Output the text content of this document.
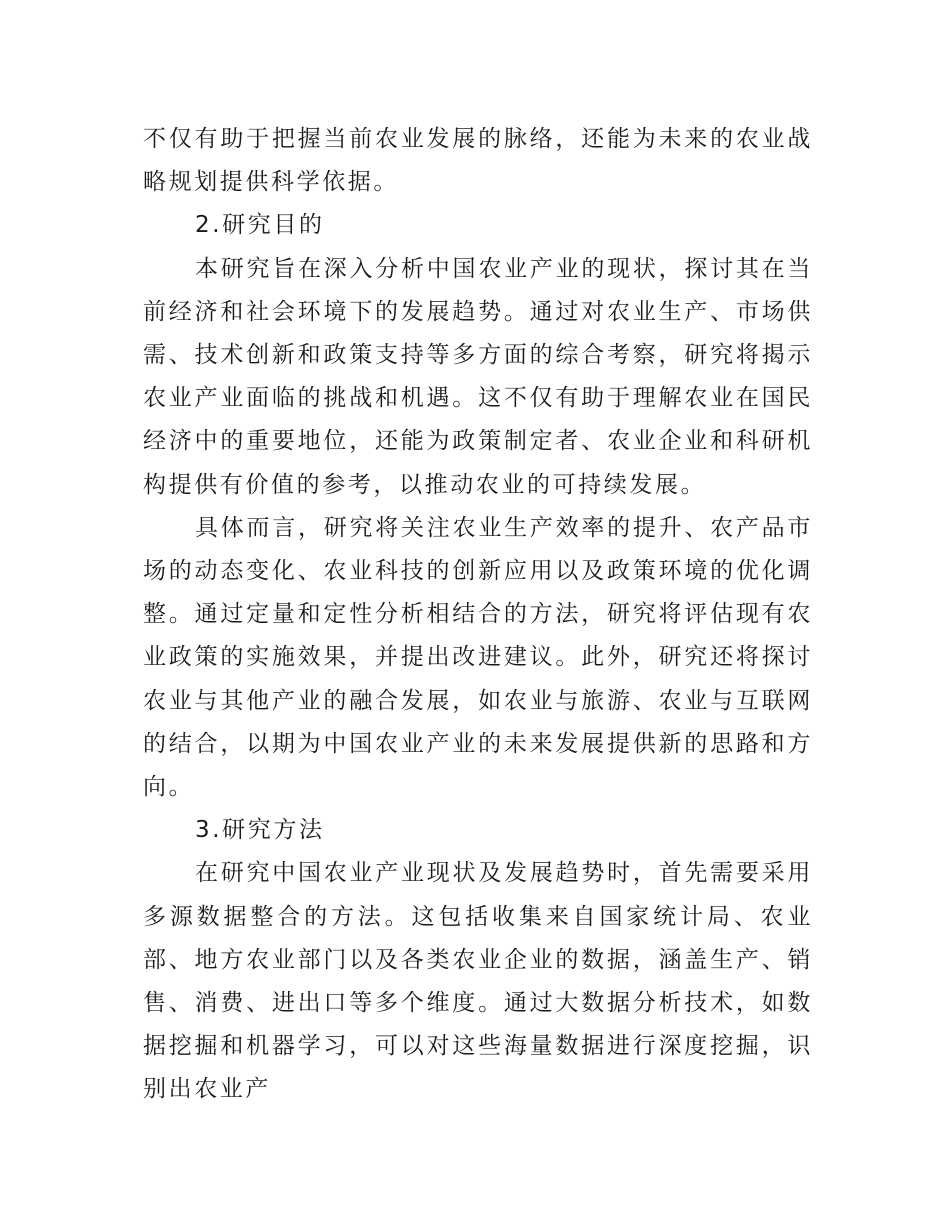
不仅有助于把握当前农业发展的脉络，还能为未来的农业战略规划提供科学依据。

2.研究目的

本研究旨在深入分析中国农业产业的现状，探讨其在当前经济和社会环境下的发展趋势。通过对农业生产、市场供需、技术创新和政策支持等多方面的综合考察，研究将揭示农业产业面临的挑战和机遇。这不仅有助于理解农业在国民经济中的重要地位，还能为政策制定者、农业企业和科研机构提供有价值的参考，以推动农业的可持续发展。

具体而言，研究将关注农业生产效率的提升、农产品市场的动态变化、农业科技的创新应用以及政策环境的优化调整。通过定量和定性分析相结合的方法，研究将评估现有农业政策的实施效果，并提出改进建议。此外，研究还将探讨农业与其他产业的融合发展，如农业与旅游、农业与互联网的结合，以期为中国农业产业的未来发展提供新的思路和方向。

3.研究方法

在研究中国农业产业现状及发展趋势时，首先需要采用多源数据整合的方法。这包括收集来自国家统计局、农业部、地方农业部门以及各类农业企业的数据，涵盖生产、销售、消费、进出口等多个维度。通过大数据分析技术，如数据挖掘和机器学习，可以对这些海量数据进行深度挖掘，识别出农业产
